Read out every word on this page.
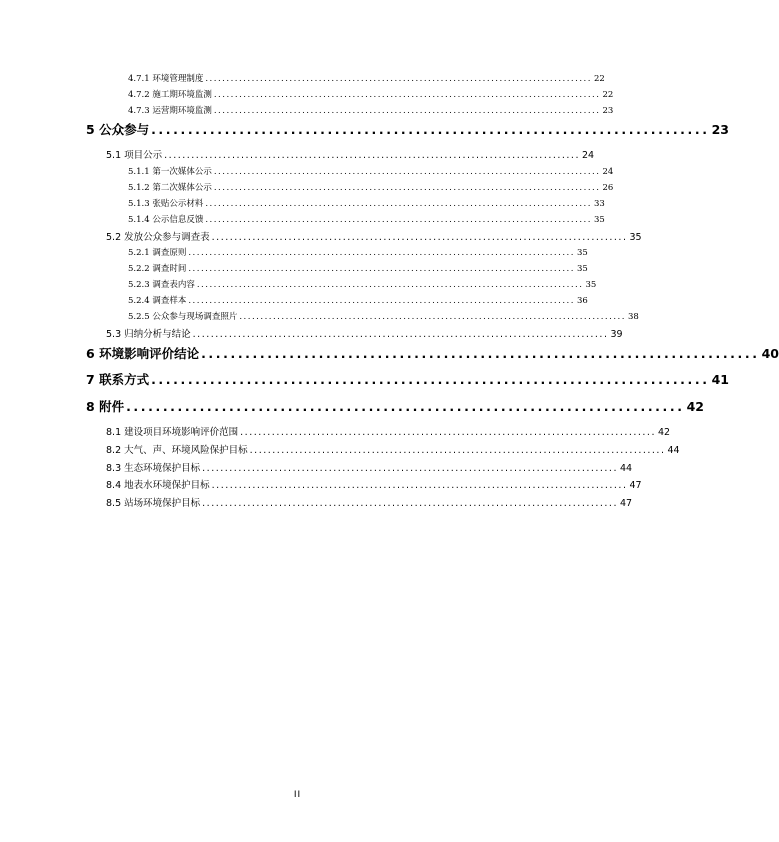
4.7.1 环境管理制度 ............................................................................................ 22
4.7.2 施工期环境监测 ............................................................................................ 22
4.7.3 运营期环境监测 ............................................................................................ 23
5 公众参与 ............................................................................ 23
5.1 项目公示 ............................................................................................ 24
5.1.1 第一次媒体公示 ............................................................................................ 24
5.1.2 第二次媒体公示 ............................................................................................ 26
5.1.3 张贴公示材料 ............................................................................................ 33
5.1.4 公示信息反馈 ............................................................................................ 35
5.2 发放公众参与调查表 ............................................................................................ 35
5.2.1 调查原则 ............................................................................................ 35
5.2.2 调查时间 ............................................................................................ 35
5.2.3 调查表内容 ............................................................................................ 35
5.2.4 调查样本 ............................................................................................ 36
5.2.5 公众参与现场调查照片 ............................................................................................ 38
5.3 归纳分析与结论 ............................................................................................ 39
6 环境影响评价结论 ............................................................................ 40
7 联系方式 ............................................................................ 41
8 附件 ............................................................................ 42
8.1 建设项目环境影响评价范围 ............................................................................................ 42
8.2 大气、声、环境风险保护目标 ............................................................................................ 44
8.3 生态环境保护目标 ............................................................................................ 44
8.4 地表水环境保护目标 ............................................................................................ 47
8.5 站场环境保护目标 ............................................................................................ 47
II
